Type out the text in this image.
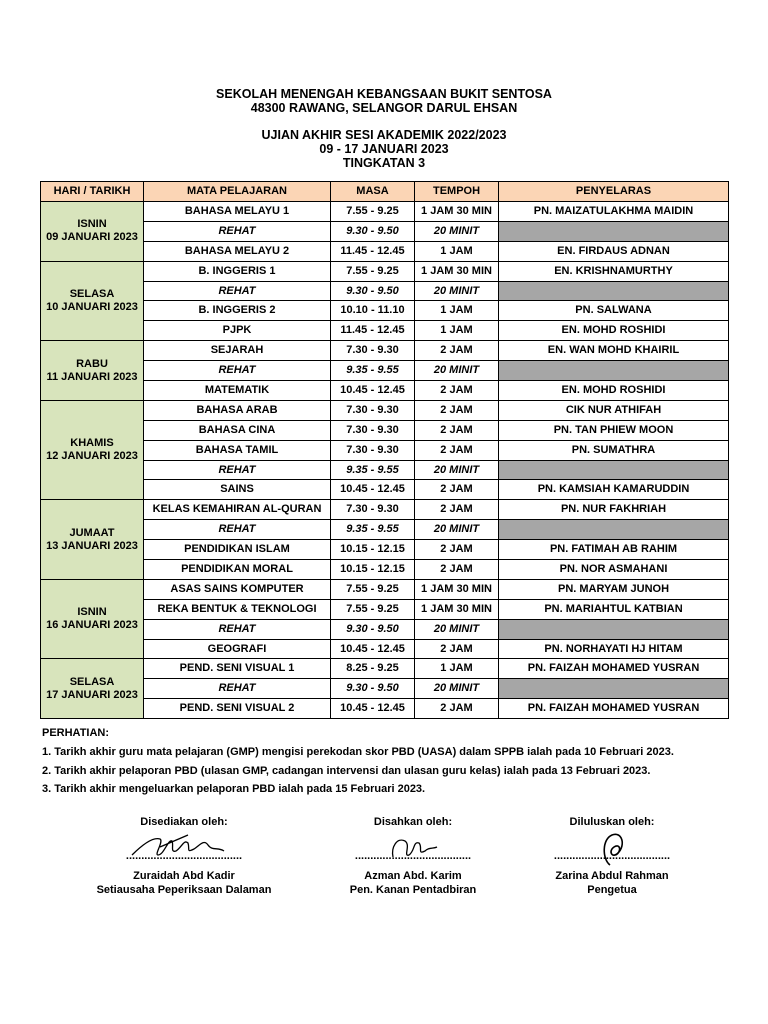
SEKOLAH MENENGAH KEBANGSAAN BUKIT SENTOSA
48300 RAWANG, SELANGOR DARUL EHSAN
UJIAN AKHIR SESI AKADEMIK 2022/2023
09 - 17 JANUARI 2023
TINGKATAN 3
HARI / TARIKH	MATA PELAJARAN	MASA	TEMPOH	PENYELARAS

ISNIN
09 JANUARI 2023	BAHASA MELAYU 1	7.55 - 9.25	1 JAM 30 MIN	PN. MAIZATULAKHMA MAIDIN
	REHAT	9.30 - 9.50	20 MINIT	
	BAHASA MELAYU 2	11.45 - 12.45	1 JAM	EN. FIRDAUS ADNAN

SELASA
10 JANUARI 2023	B. INGGERIS 1	7.55 - 9.25	1 JAM 30 MIN	EN. KRISHNAMURTHY
	REHAT	9.30 - 9.50	20 MINIT	
	B. INGGERIS 2	10.10 - 11.10	1 JAM	PN. SALWANA
	PJPK	11.45 - 12.45	1 JAM	EN. MOHD ROSHIDI

RABU
11 JANUARI 2023	SEJARAH	7.30 - 9.30	2 JAM	EN. WAN MOHD KHAIRIL
	REHAT	9.35 - 9.55	20 MINIT	
	MATEMATIK	10.45 - 12.45	2 JAM	EN. MOHD ROSHIDI

KHAMIS
12 JANUARI 2023	BAHASA ARAB	7.30 - 9.30	2 JAM	CIK NUR ATHIFAH
	BAHASA CINA	7.30 - 9.30	2 JAM	PN. TAN PHIEW MOON
	BAHASA TAMIL	7.30 - 9.30	2 JAM	PN. SUMATHRA
	REHAT	9.35 - 9.55	20 MINIT	
	SAINS	10.45 - 12.45	2 JAM	PN. KAMSIAH KAMARUDDIN

JUMAAT
13 JANUARI 2023	KELAS KEMAHIRAN AL-QURAN	7.30 - 9.30	2 JAM	PN. NUR FAKHRIAH
	REHAT	9.35 - 9.55	20 MINIT	
	PENDIDIKAN ISLAM	10.15 - 12.15	2 JAM	PN. FATIMAH AB RAHIM
	PENDIDIKAN MORAL	10.15 - 12.15	2 JAM	PN. NOR ASMAHANI

ISNIN
16 JANUARI 2023	ASAS SAINS KOMPUTER	7.55 - 9.25	1 JAM 30 MIN	PN. MARYAM JUNOH
	REKA BENTUK & TEKNOLOGI	7.55 - 9.25	1 JAM 30 MIN	PN. MARIAHTUL KATBIAN
	REHAT	9.30 - 9.50	20 MINIT	
	GEOGRAFI	10.45 - 12.45	2 JAM	PN. NORHAYATI HJ HITAM

SELASA
17 JANUARI 2023	PEND. SENI VISUAL 1	8.25 - 9.25	1 JAM	PN. FAIZAH MOHAMED YUSRAN
	REHAT	9.30 - 9.50	20 MINIT	
	PEND. SENI VISUAL 2	10.45 - 12.45	2 JAM	PN. FAIZAH MOHAMED YUSRAN
PERHATIAN:
1. Tarikh akhir guru mata pelajaran (GMP) mengisi perekodan skor PBD (UASA) dalam SPPB ialah pada 10 Februari 2023.
2. Tarikh akhir pelaporan PBD (ulasan GMP, cadangan intervensi dan ulasan guru kelas) ialah pada 13 Februari 2023.
3. Tarikh akhir mengeluarkan pelaporan PBD ialah pada 15 Februari 2023.
Disediakan oleh:
......................................
Zuraidah Abd Kadir
Setiausaha Peperiksaan Dalaman
Disahkan oleh:
......................................
Azman Abd. Karim
Pen. Kanan Pentadbiran
Diluluskan oleh:
......................................
Zarina Abdul Rahman
Pengetua
